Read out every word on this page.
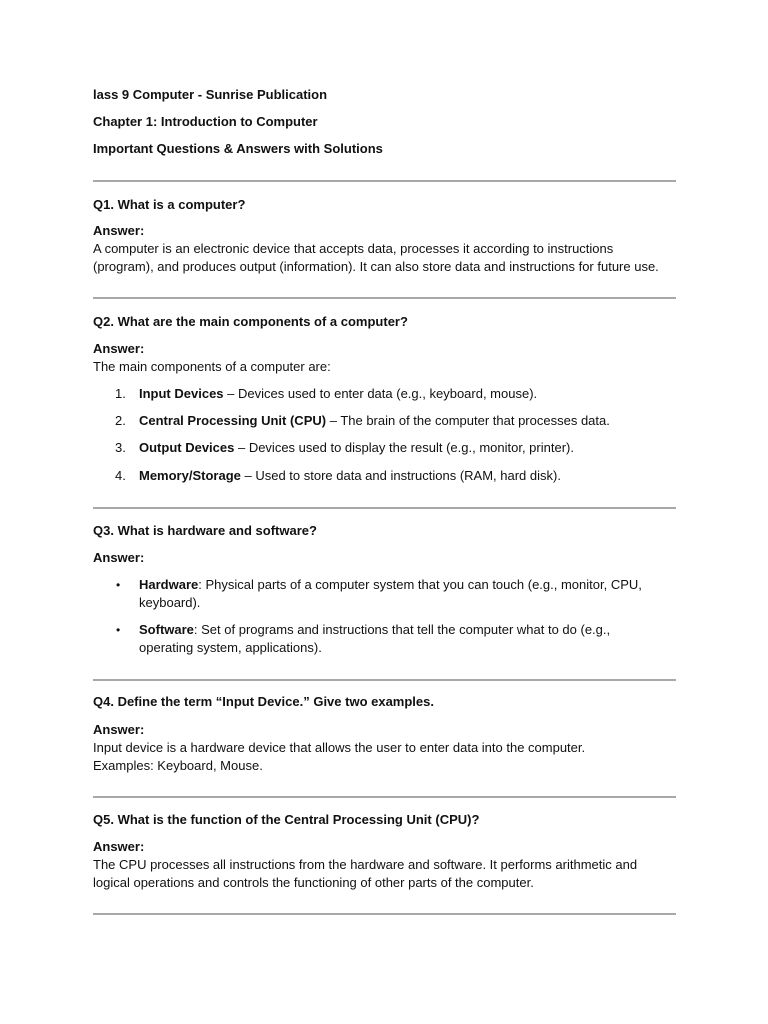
lass 9 Computer - Sunrise Publication
Chapter 1: Introduction to Computer
Important Questions & Answers with Solutions
Q1. What is a computer?
Answer:
A computer is an electronic device that accepts data, processes it according to instructions (program), and produces output (information). It can also store data and instructions for future use.
Q2. What are the main components of a computer?
Answer:
The main components of a computer are:
1.	Input Devices – Devices used to enter data (e.g., keyboard, mouse).
2.	Central Processing Unit (CPU) – The brain of the computer that processes data.
3.	Output Devices – Devices used to display the result (e.g., monitor, printer).
4.	Memory/Storage – Used to store data and instructions (RAM, hard disk).
Q3. What is hardware and software?
Answer:
•	Hardware: Physical parts of a computer system that you can touch (e.g., monitor, CPU, keyboard).
•	Software: Set of programs and instructions that tell the computer what to do (e.g., operating system, applications).
Q4. Define the term “Input Device.” Give two examples.
Answer:
Input device is a hardware device that allows the user to enter data into the computer.
Examples: Keyboard, Mouse.
Q5. What is the function of the Central Processing Unit (CPU)?
Answer:
The CPU processes all instructions from the hardware and software. It performs arithmetic and logical operations and controls the functioning of other parts of the computer.
